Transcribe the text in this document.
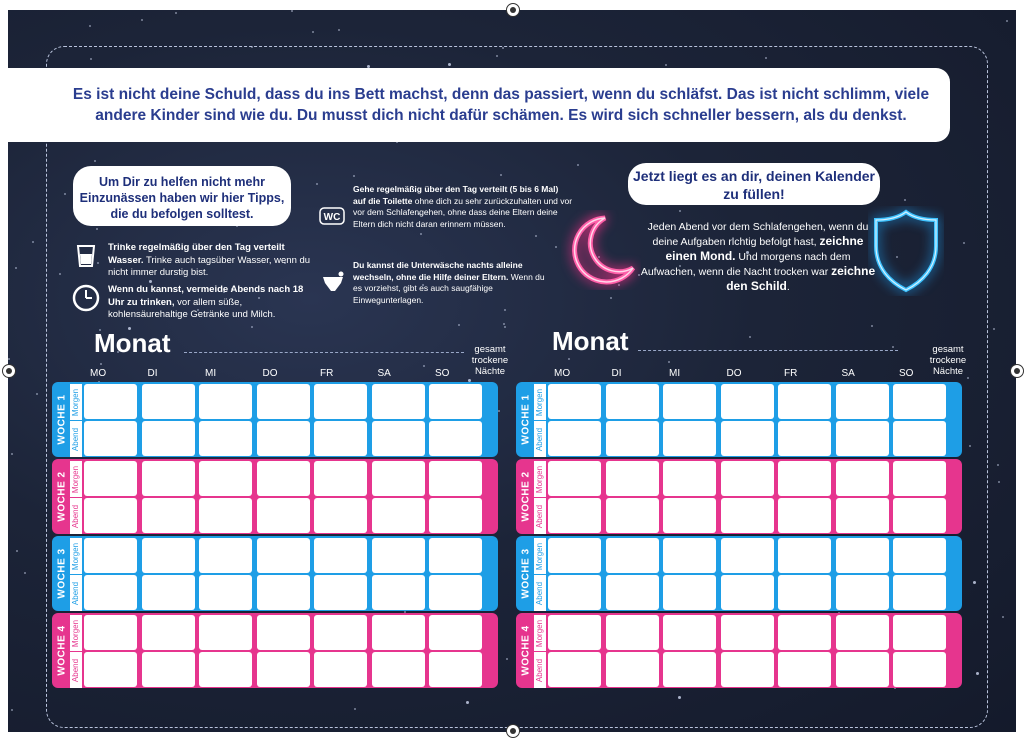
Es ist nicht deine Schuld, dass du ins Bett machst, denn das passiert, wenn du schläfst. Das ist nicht schlimm, viele andere Kinder sind wie du. Du musst dich nicht dafür schämen. Es wird sich schneller bessern, als du denkst.

Um Dir zu helfen nicht mehr Einzunässen haben wir hier Tipps, die du befolgen solltest.
Trinke regelmäßig über den Tag verteilt Wasser. Trinke auch tagsüber Wasser, wenn du nicht immer durstig bist.
Wenn du kannst, vermeide Abends nach 18 Uhr zu trinken, vor allem süße, kohlensäurehaltige Getränke und Milch.
WC
Gehe regelmäßig über den Tag verteilt (5 bis 6 Mal) auf die Toilette ohne dich zu sehr zurückzuhalten und vor vor dem Schlafengehen, ohne dass deine Eltern deine Eltern dich nicht daran erinnern müssen.
Du kannst die Unterwäsche nachts alleine wechseln, ohne die Hilfe deiner Eltern. Wenn du es vorziehst, gibt es auch saugfähige Einwegunterlagen.
Jetzt liegt es an dir, deinen Kalender zu füllen!
Jeden Abend vor dem Schlafengehen, wenn du deine Aufgaben richtig befolgt hast, zeichne einen Mond. Und morgens nach dem Aufwachen, wenn die Nacht trocken war zeichne den Schild.
Monat	gesamt trockene Nächte
MO	DI	MI	DO	FR	SA	SO
WOCHE 1 Morgen
Abend
WOCHE 2 Morgen
Abend
WOCHE 3 Morgen
Abend
WOCHE 4 Morgen
Abend
Monat	gesamt trockene Nächte
MO	DI	MI	DO	FR	SA	SO
WOCHE 1 Morgen
Abend
WOCHE 2 Morgen
Abend
WOCHE 3 Morgen
Abend
WOCHE 4 Morgen
Abend
